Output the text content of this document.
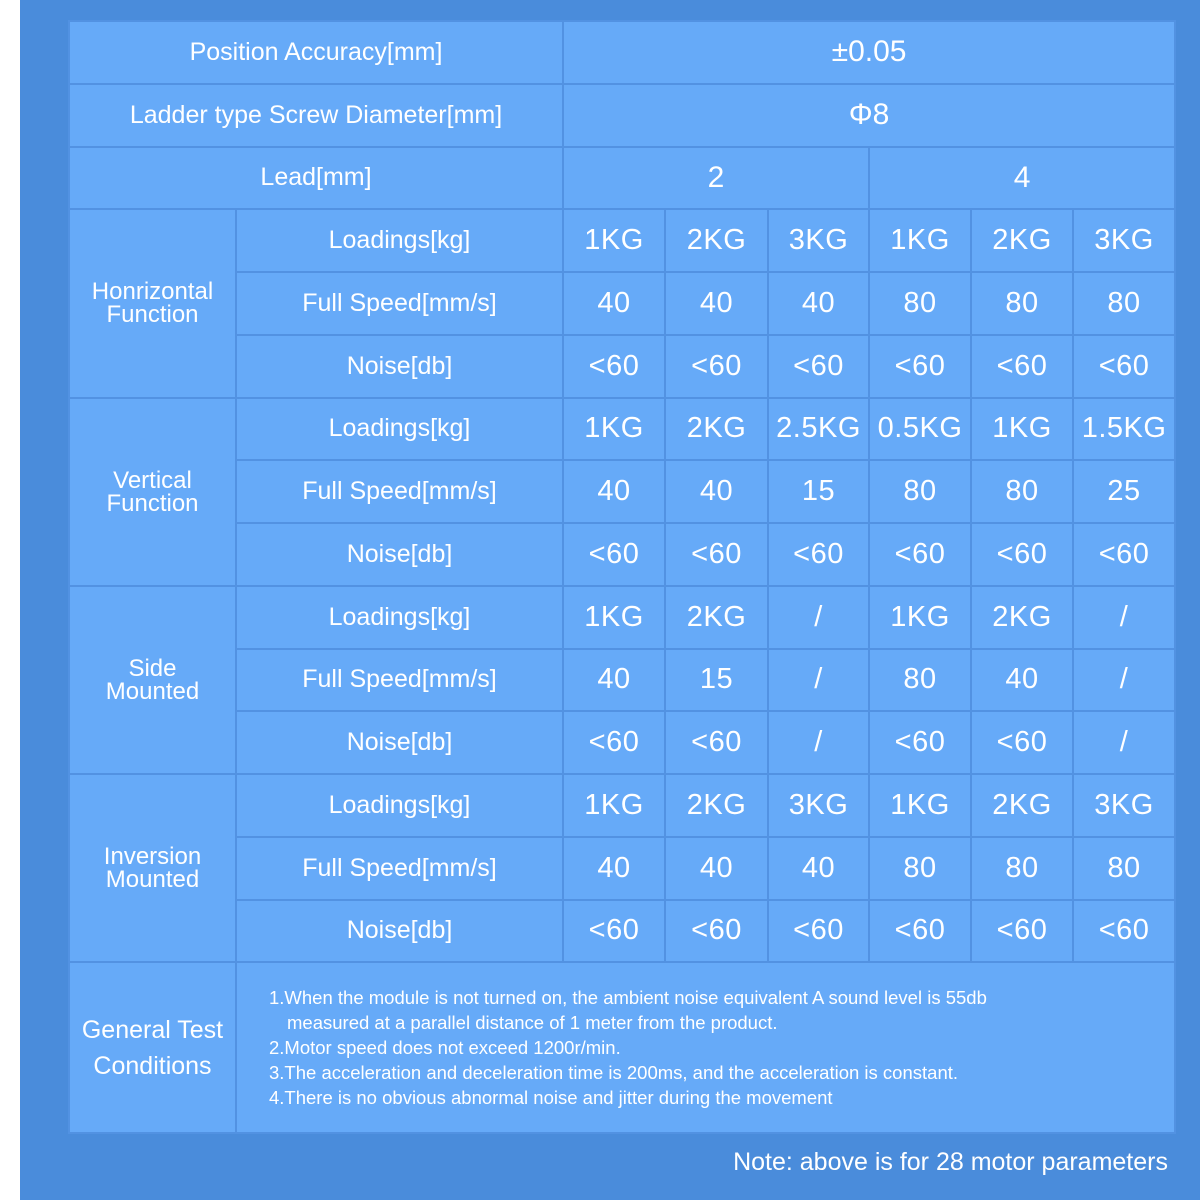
Position Accuracy[mm]		±0.05					
Ladder type Screw Diameter[mm]		Φ8					
Lead[mm]		2			4		
Honrizontal
Function	Loadings[kg]	1KG	2KG	3KG	1KG	2KG	3KG
	Full Speed[mm/s]	40	40	40	80	80	80
	Noise[db]	<60	<60	<60	<60	<60	<60
Vertical
Function	Loadings[kg]	1KG	2KG	2.5KG	0.5KG	1KG	1.5KG
	Full Speed[mm/s]	40	40	15	80	80	25
	Noise[db]	<60	<60	<60	<60	<60	<60
Side
Mounted	Loadings[kg]	1KG	2KG	/	1KG	2KG	/
	Full Speed[mm/s]	40	15	/	80	40	/
	Noise[db]	<60	<60	/	<60	<60	/
Inversion
Mounted	Loadings[kg]	1KG	2KG	3KG	1KG	2KG	3KG
	Full Speed[mm/s]	40	40	40	80	80	80
	Noise[db]	<60	<60	<60	<60	<60	<60
General Test
Conditions	1.When the module is not turned on, the ambient noise equivalent A sound level is 55db
measured at a parallel distance of 1 meter from the product.
2.Motor speed does not exceed 1200r/min.
3.The acceleration and deceleration time is 200ms, and the acceleration is constant.
4.There is no obvious abnormal noise and jitter during the movement						
Note: above is for 28 motor parameters
